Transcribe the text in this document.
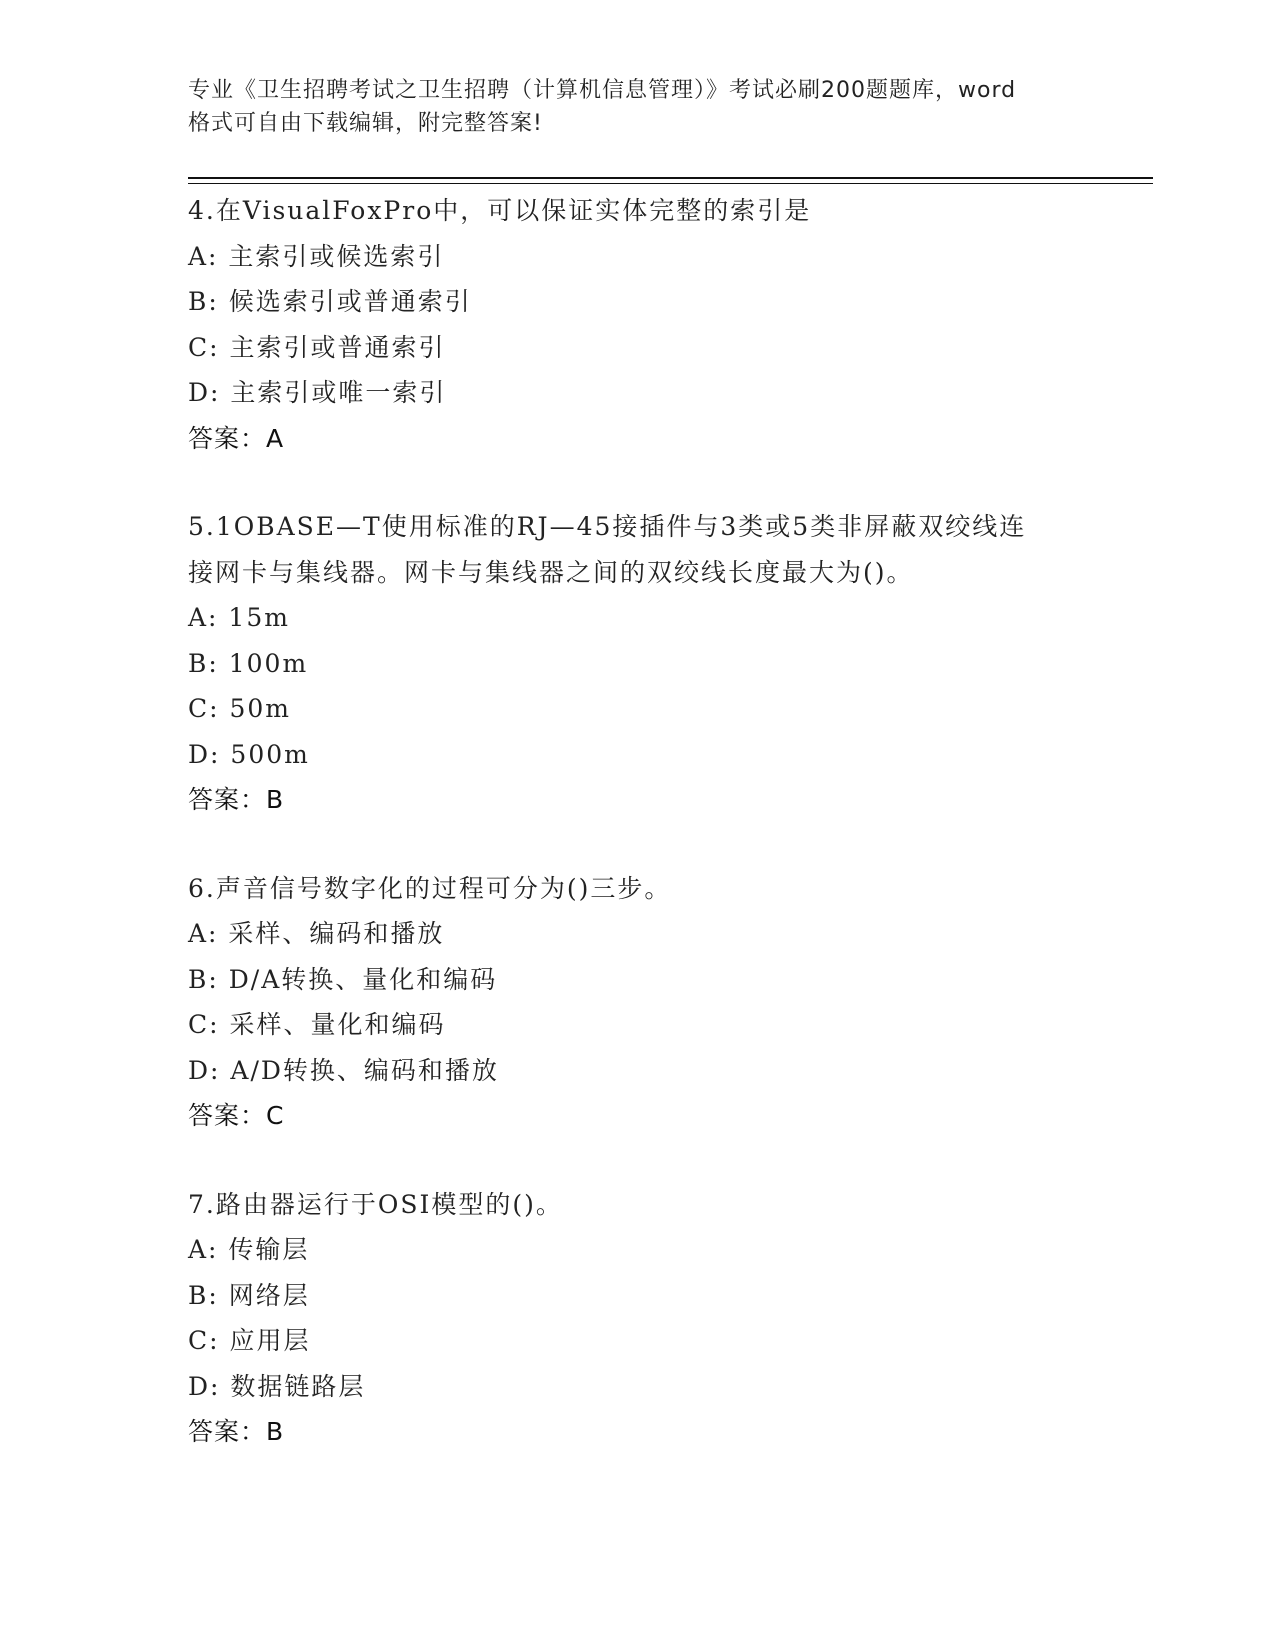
专业《卫生招聘考试之卫生招聘（计算机信息管理）》考试必刷200题题库，word
格式可自由下载编辑，附完整答案!
4.在VisualFoxPro中，可以保证实体完整的索引是
A: 主索引或候选索引
B: 候选索引或普通索引
C: 主索引或普通索引
D: 主索引或唯一索引
答案：A
5.1OBASE—T使用标准的RJ—45接插件与3类或5类非屏蔽双绞线连
接网卡与集线器。网卡与集线器之间的双绞线长度最大为()。
A: 15m
B: 100m
C: 50m
D: 500m
答案：B
6.声音信号数字化的过程可分为()三步。
A: 采样、编码和播放
B: D/A转换、量化和编码
C: 采样、量化和编码
D: A/D转换、编码和播放
答案：C
7.路由器运行于OSI模型的()。
A: 传输层
B: 网络层
C: 应用层
D: 数据链路层
答案：B
